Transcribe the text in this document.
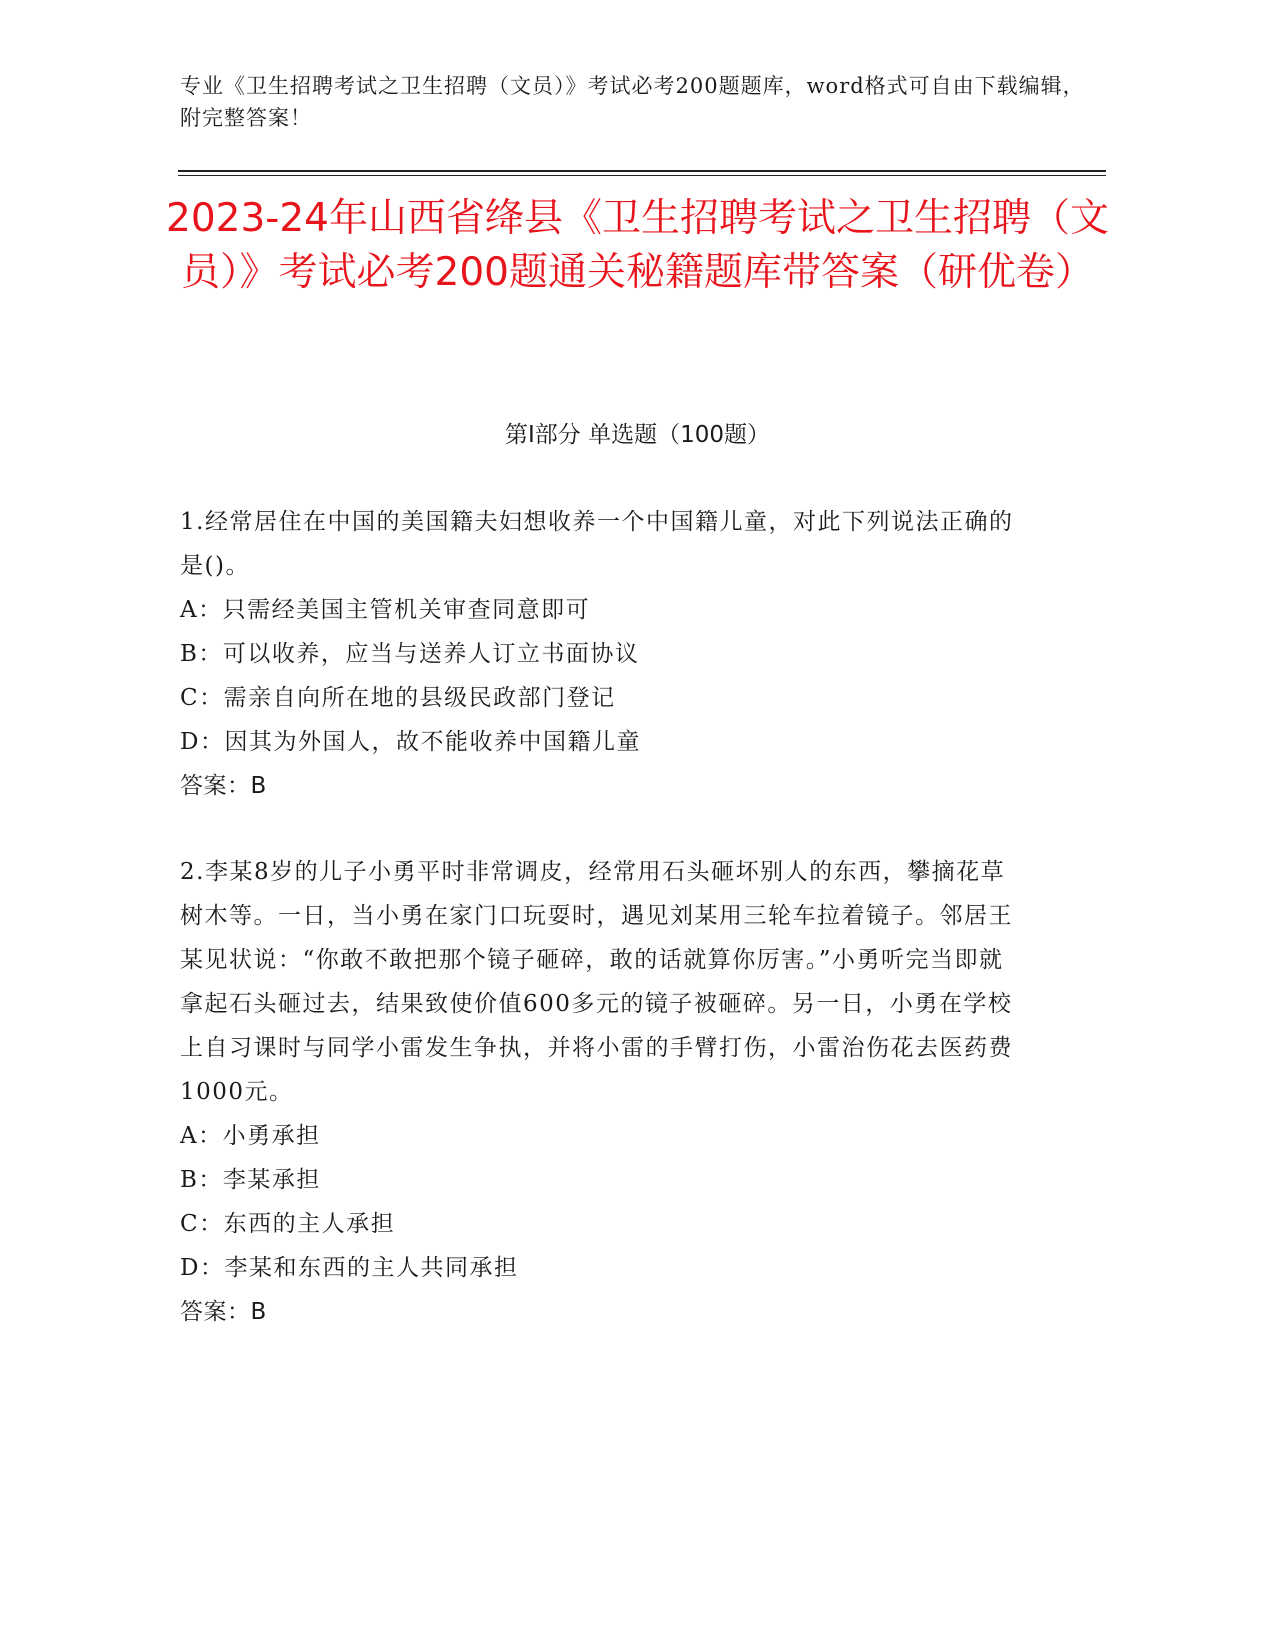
专业《卫生招聘考试之卫生招聘（文员）》考试必考200题题库，word格式可自由下载编辑，附完整答案！
2023-24年山西省绛县《卫生招聘考试之卫生招聘（文员）》考试必考200题通关秘籍题库带答案（研优卷）
第Ⅰ部分 单选题（100题）

1.经常居住在中国的美国籍夫妇想收养一个中国籍儿童，对此下列说法正确的是()。

A：只需经美国主管机关审查同意即可

B：可以收养，应当与送养人订立书面协议

C：需亲自向所在地的县级民政部门登记

D：因其为外国人，故不能收养中国籍儿童

答案：B

2.李某8岁的儿子小勇平时非常调皮，经常用石头砸坏别人的东西，攀摘花草树木等。一日，当小勇在家门口玩耍时，遇见刘某用三轮车拉着镜子。邻居王某见状说：“你敢不敢把那个镜子砸碎，敢的话就算你厉害。”小勇听完当即就拿起石头砸过去，结果致使价值600多元的镜子被砸碎。另一日，小勇在学校上自习课时与同学小雷发生争执，并将小雷的手臂打伤，小雷治伤花去医药费1000元。

A：小勇承担

B：李某承担

C：东西的主人承担

D：李某和东西的主人共同承担

答案：B
